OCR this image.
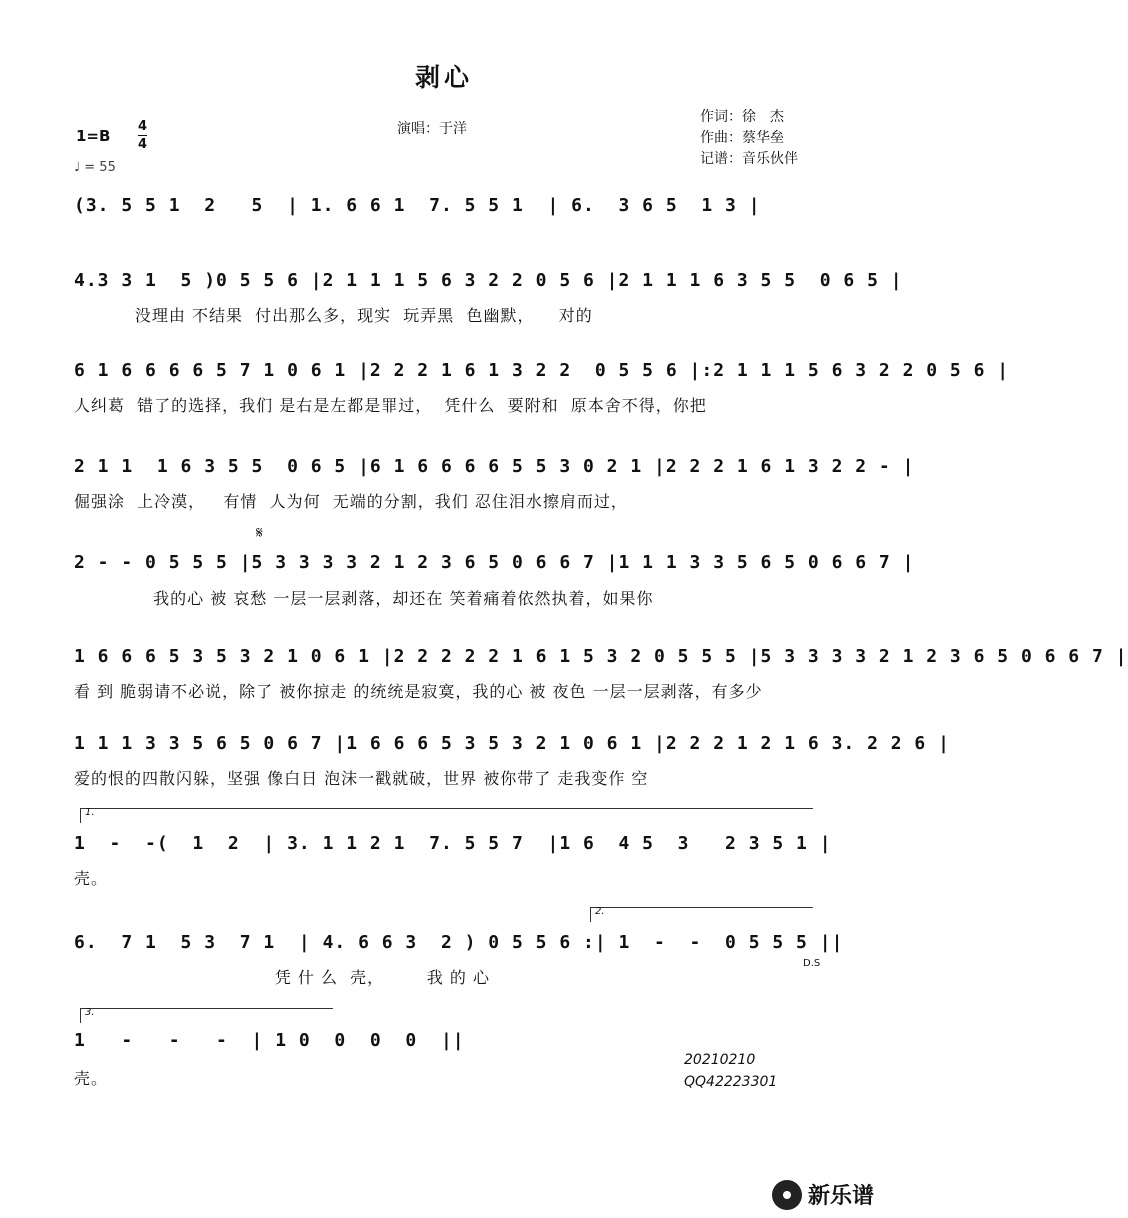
剥心
演唱：于洋
作词：徐　杰
作曲：蔡华垒
记谱：音乐伙伴
1=B
4
4
♩ = 55
(3. 5 5 1  2   5  | 1. 6 6 1  7. 5 5 1  | 6.  3 6 5  1 3 |
4.3 3 1  5 )0 5 5 6 |2 1 1 1 5 6 3 2 2 0 5 6 |2 1 1 1 6 3 5 5  0 6 5 |
没理由 不结果  付出那么多，现实  玩弄黑  色幽默，    对的
6 1 6 6 6 6 5 7 1 0 6 1 |2 2 2 1 6 1 3 2 2  0 5 5 6 |:2 1 1 1 5 6 3 2 2 0 5 6 |
人纠葛  错了的选择，我们 是右是左都是罪过，  凭什么  要附和  原本舍不得，你把
2 1 1  1 6 3 5 5  0 6 5 |6 1 6 6 6 6 5 5 3 0 2 1 |2 2 2 1 6 1 3 2 2 - |
倔强涂  上冷漠，   有情  人为何  无端的分割，我们 忍住泪水擦肩而过，
𝄋
2 - - 0 5 5 5 |5 3 3 3 3 2 1 2 3 6 5 0 6 6 7 |1 1 1 3 3 5 6 5 0 6 6 7 |
我的心 被 哀愁 一层一层剥落，却还在 笑着痛着依然执着，如果你
1 6 6 6 5 3 5 3 2 1 0 6 1 |2 2 2 2 2 1 6 1 5 3 2 0 5 5 5 |5 3 3 3 3 2 1 2 3 6 5 0 6 6 7 |
看 到 脆弱请不必说，除了 被你掠走 的统统是寂寞，我的心 被 夜色 一层一层剥落，有多少
1 1 1 3 3 5 6 5 0 6 7 |1 6 6 6 5 3 5 3 2 1 0 6 1 |2 2 2 1 2 1 6 3. 2 2 6 |
爱的恨的四散闪躲，坚强 像白日 泡沫一戳就破，世界 被你带了 走我变作 空
1.
1  -  -(  1  2  | 3. 1 1 2 1  7. 5 5 7  |1 6  4 5  3   2 3 5 1 |
壳。
2.
6.  7 1  5 3  7 1  | 4. 6 6 3  2 ) 0 5 5 6 :| 1  -  -  0 5 5 5 ||
D.S
凭 什 么  壳，       我 的 心
3.
1   -   -   -  | 1 0  0  0  0  ||
壳。
20210210
QQ42223301
新乐谱
